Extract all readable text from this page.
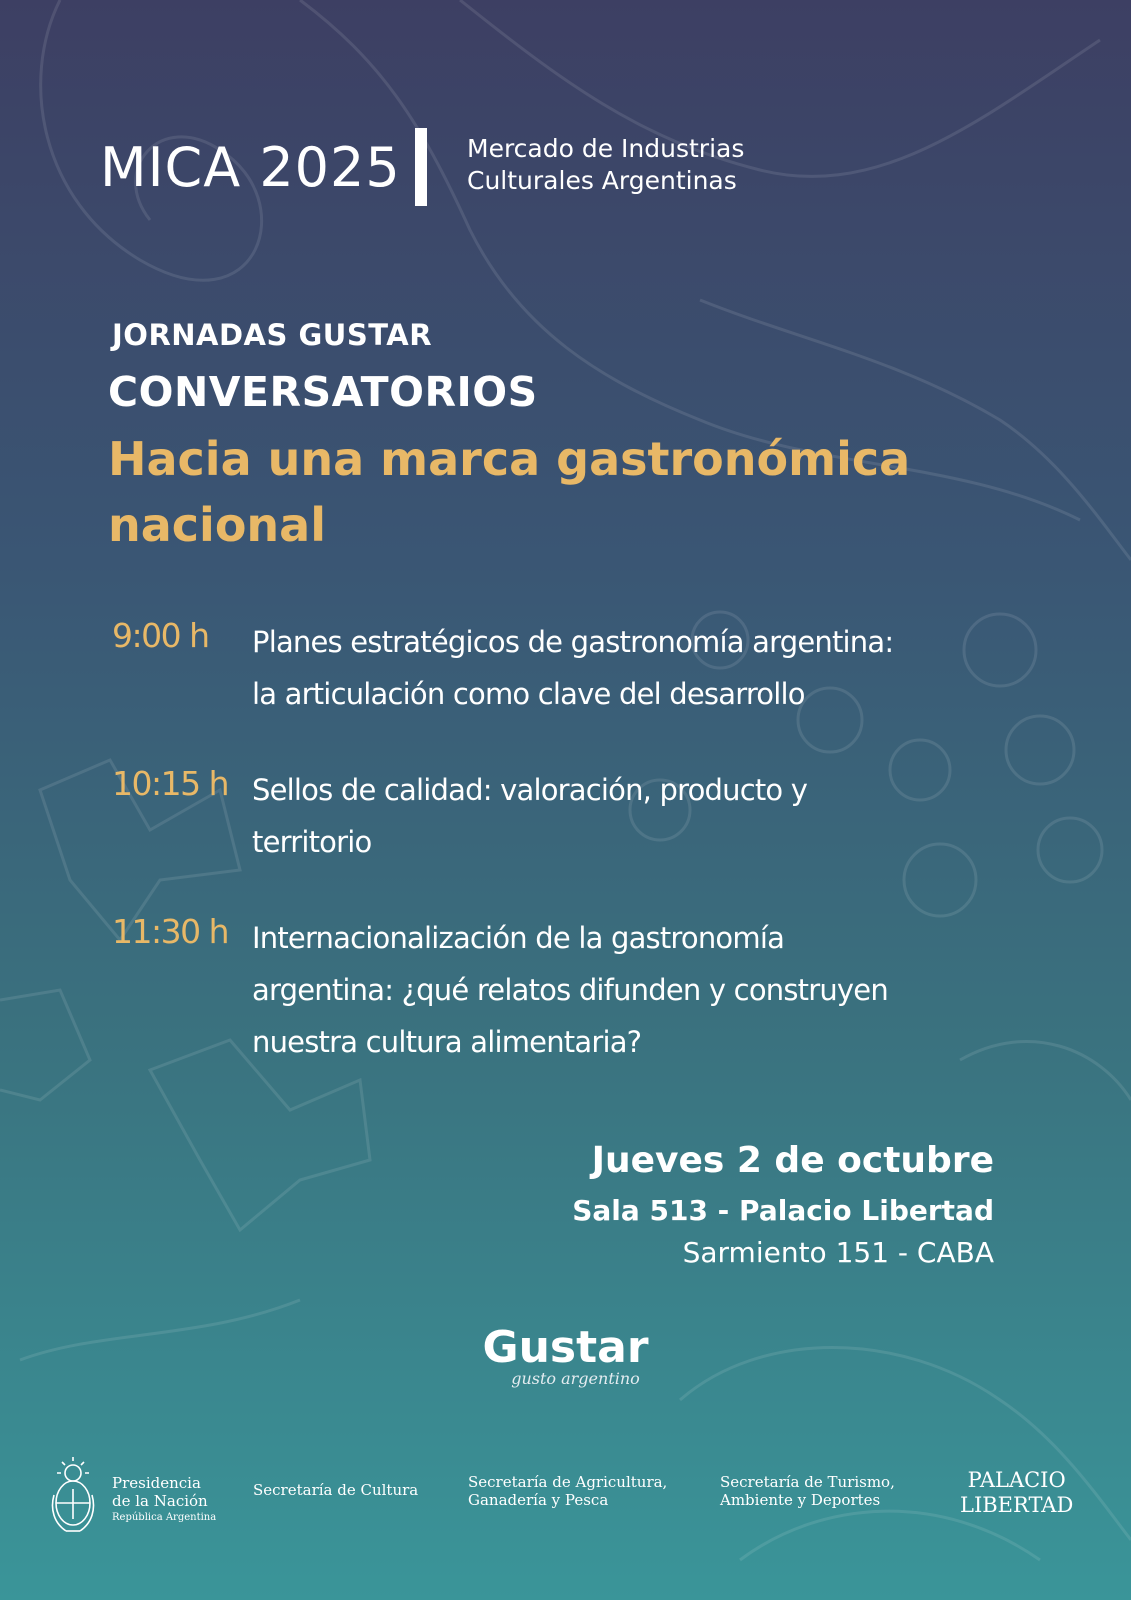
MICA 2025	Mercado de Industrias
Culturales Argentinas
JORNADAS GUSTAR
CONVERSATORIOS
Hacia una marca gastronómica nacional
9:00 h Planes estratégicos de gastronomía argentina:
la articulación como clave del desarrollo
10:15 h Sellos de calidad: valoración, producto y
territorio
11:30 h Internacionalización de la gastronomía
argentina: ¿qué relatos difunden y construyen
nuestra cultura alimentaria?
Jueves 2 de octubre
Sala 513 - Palacio Libertad
Sarmiento 151 - CABA
Gustar
gusto argentino
Presidencia
de la Nación
República Argentina
Secretaría de Cultura	Secretaría de Agricultura,
Ganadería y Pesca
Secretaría de Turismo,
Ambiente y Deportes
PALACIO
LIBERTAD
